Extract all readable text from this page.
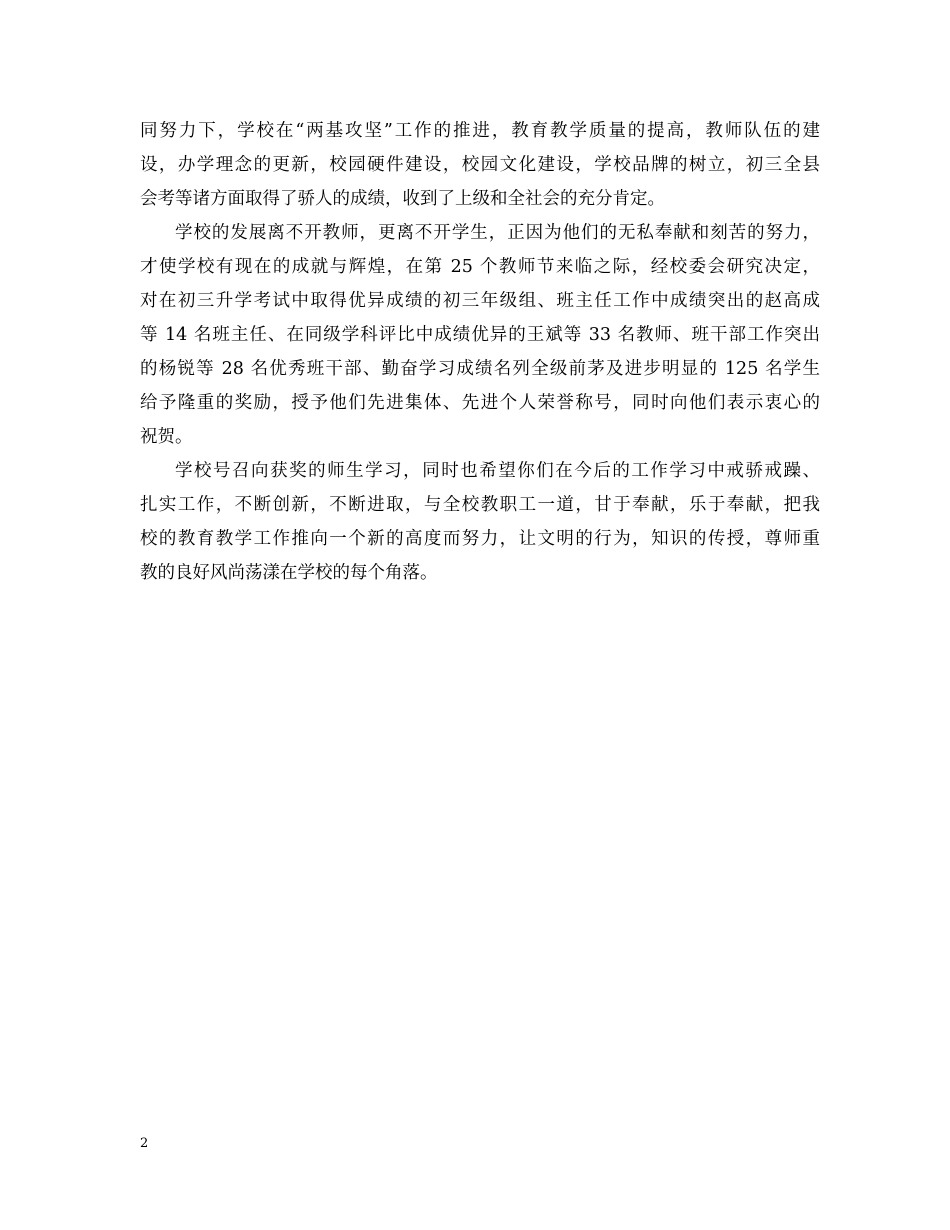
同努力下，学校在“两基攻坚”工作的推进，教育教学质量的提高，教师队伍的建
设，办学理念的更新，校园硬件建设，校园文化建设，学校品牌的树立，初三全县
会考等诸方面取得了骄人的成绩，收到了上级和全社会的充分肯定。
学校的发展离不开教师，更离不开学生，正因为他们的无私奉献和刻苦的努力，
才使学校有现在的成就与辉煌，在第 25 个教师节来临之际，经校委会研究决定，
对在初三升学考试中取得优异成绩的初三年级组、班主任工作中成绩突出的赵高成
等 14 名班主任、在同级学科评比中成绩优异的王斌等 33 名教师、班干部工作突出
的杨锐等 28 名优秀班干部、勤奋学习成绩名列全级前茅及进步明显的 125 名学生
给予隆重的奖励，授予他们先进集体、先进个人荣誉称号，同时向他们表示衷心的
祝贺。
学校号召向获奖的师生学习，同时也希望你们在今后的工作学习中戒骄戒躁、
扎实工作，不断创新，不断进取，与全校教职工一道，甘于奉献，乐于奉献，把我
校的教育教学工作推向一个新的高度而努力，让文明的行为，知识的传授，尊师重
教的良好风尚荡漾在学校的每个角落。
2
